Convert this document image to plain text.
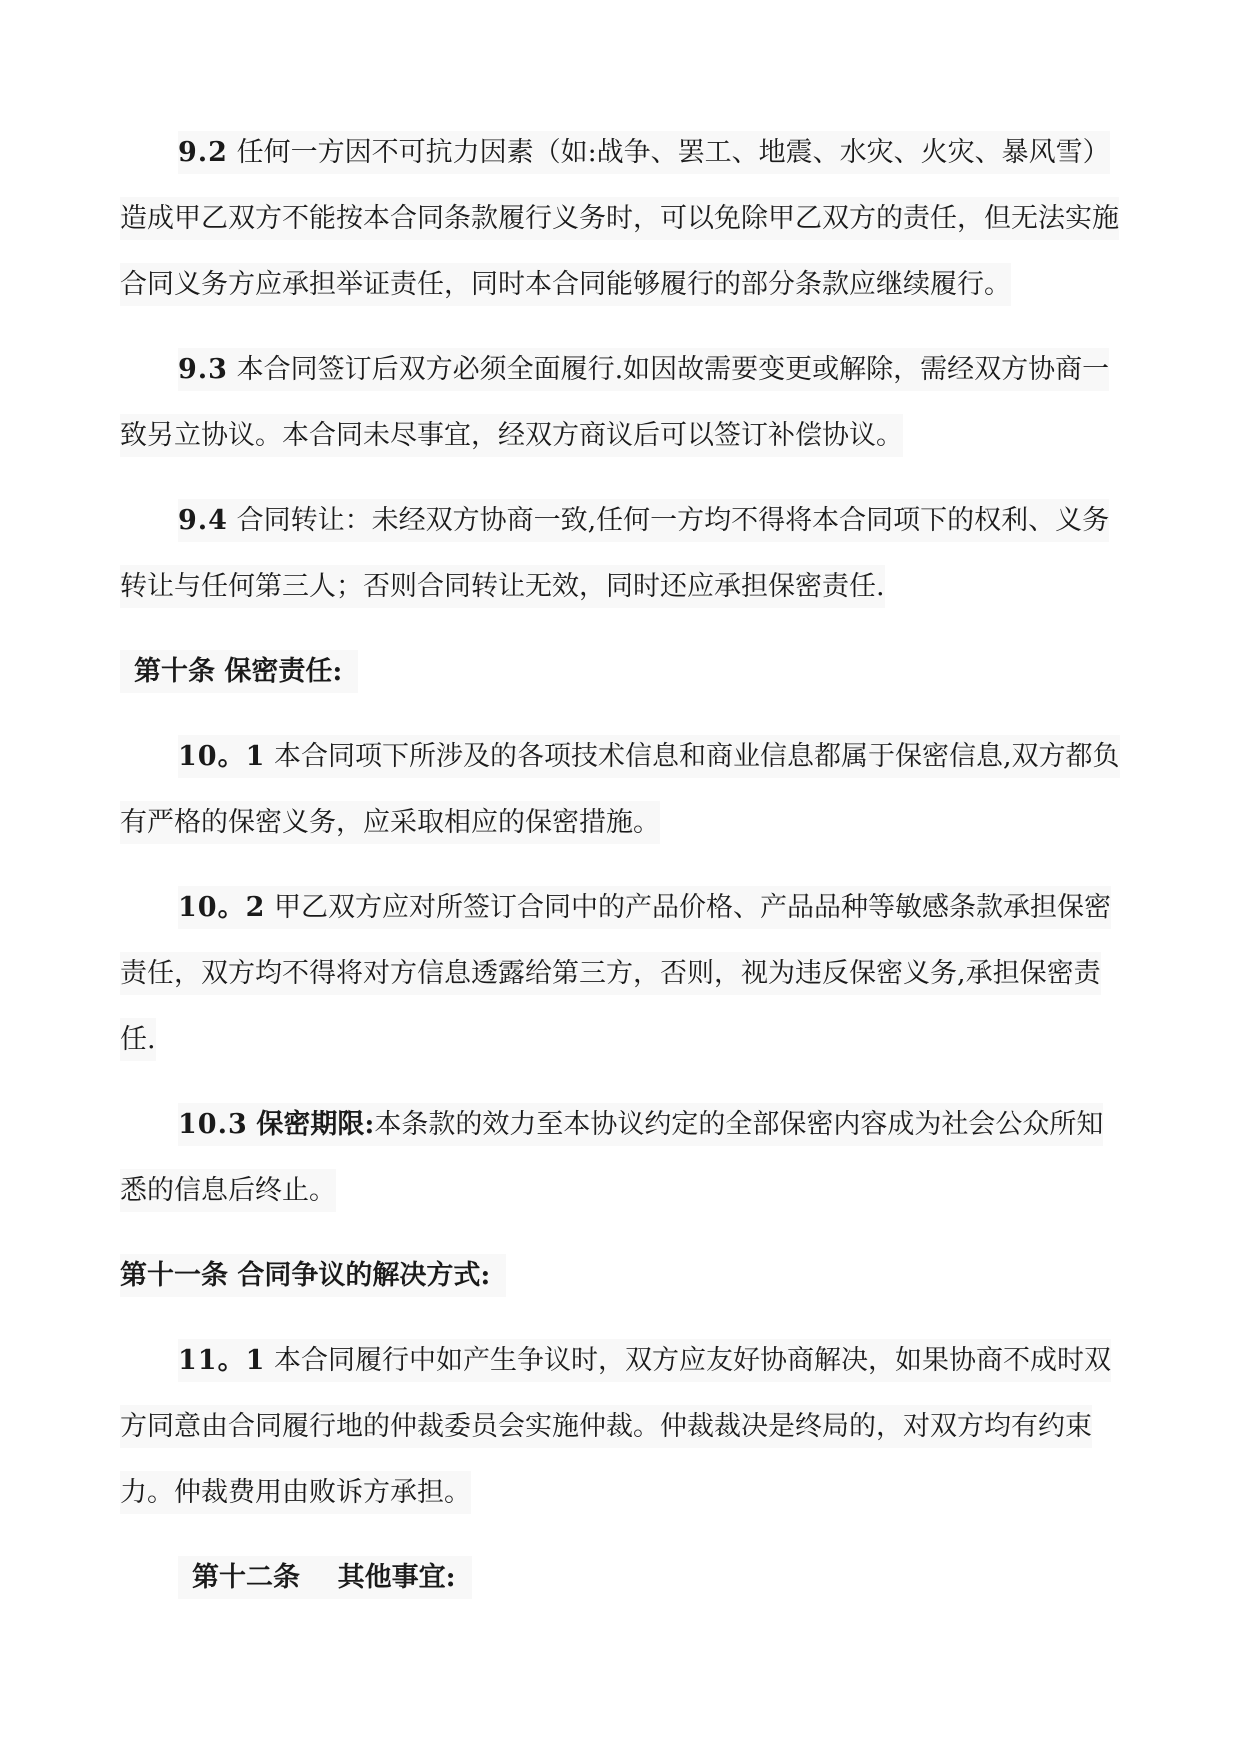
9.2 任何一方因不可抗力因素（如:战争、罢工、地震、水灾、火灾、暴风雪）造成甲乙双方不能按本合同条款履行义务时，可以免除甲乙双方的责任，但无法实施合同义务方应承担举证责任，同时本合同能够履行的部分条款应继续履行。

9.3 本合同签订后双方必须全面履行.如因故需要变更或解除，需经双方协商一致另立协议。本合同未尽事宜，经双方商议后可以签订补偿协议。

9.4 合同转让：未经双方协商一致,任何一方均不得将本合同项下的权利、义务转让与任何第三人；否则合同转让无效，同时还应承担保密责任.

第十条 保密责任:

10。1 本合同项下所涉及的各项技术信息和商业信息都属于保密信息,双方都负有严格的保密义务，应采取相应的保密措施。

10。2 甲乙双方应对所签订合同中的产品价格、产品品种等敏感条款承担保密责任，双方均不得将对方信息透露给第三方，否则，视为违反保密义务,承担保密责任.

10.3 保密期限:本条款的效力至本协议约定的全部保密内容成为社会公众所知悉的信息后终止。

第十一条 合同争议的解决方式:

11。1 本合同履行中如产生争议时，双方应友好协商解决，如果协商不成时双方同意由合同履行地的仲裁委员会实施仲裁。仲裁裁决是终局的，对双方均有约束力。仲裁费用由败诉方承担。

第十二条    其他事宜:
